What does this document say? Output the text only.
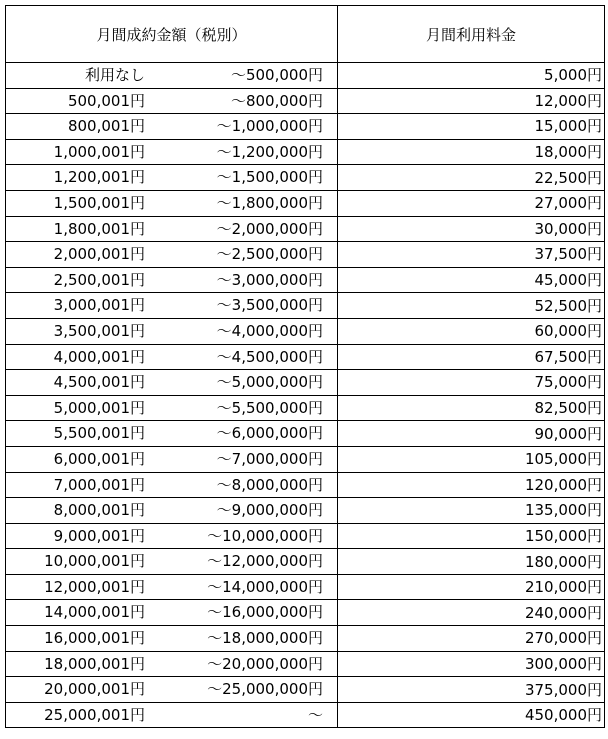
月間成約金額（税別）	月間利用料金

利用なし ～500,000円	5,000円

500,001円 ～800,000円	12,000円

800,001円 ～1,000,000円	15,000円

1,000,001円 ～1,200,000円	18,000円

1,200,001円 ～1,500,000円	22,500円

1,500,001円 ～1,800,000円	27,000円

1,800,001円 ～2,000,000円	30,000円

2,000,001円 ～2,500,000円	37,500円

2,500,001円 ～3,000,000円	45,000円

3,000,001円 ～3,500,000円	52,500円

3,500,001円 ～4,000,000円	60,000円

4,000,001円 ～4,500,000円	67,500円

4,500,001円 ～5,000,000円	75,000円

5,000,001円 ～5,500,000円	82,500円

5,500,001円 ～6,000,000円	90,000円

6,000,001円 ～7,000,000円	105,000円

7,000,001円 ～8,000,000円	120,000円

8,000,001円 ～9,000,000円	135,000円

9,000,001円 ～10,000,000円	150,000円

10,000,001円 ～12,000,000円	180,000円

12,000,001円 ～14,000,000円	210,000円

14,000,001円 ～16,000,000円	240,000円

16,000,001円 ～18,000,000円	270,000円

18,000,001円 ～20,000,000円	300,000円

20,000,001円 ～25,000,000円	375,000円

25,000,001円 ～	450,000円
